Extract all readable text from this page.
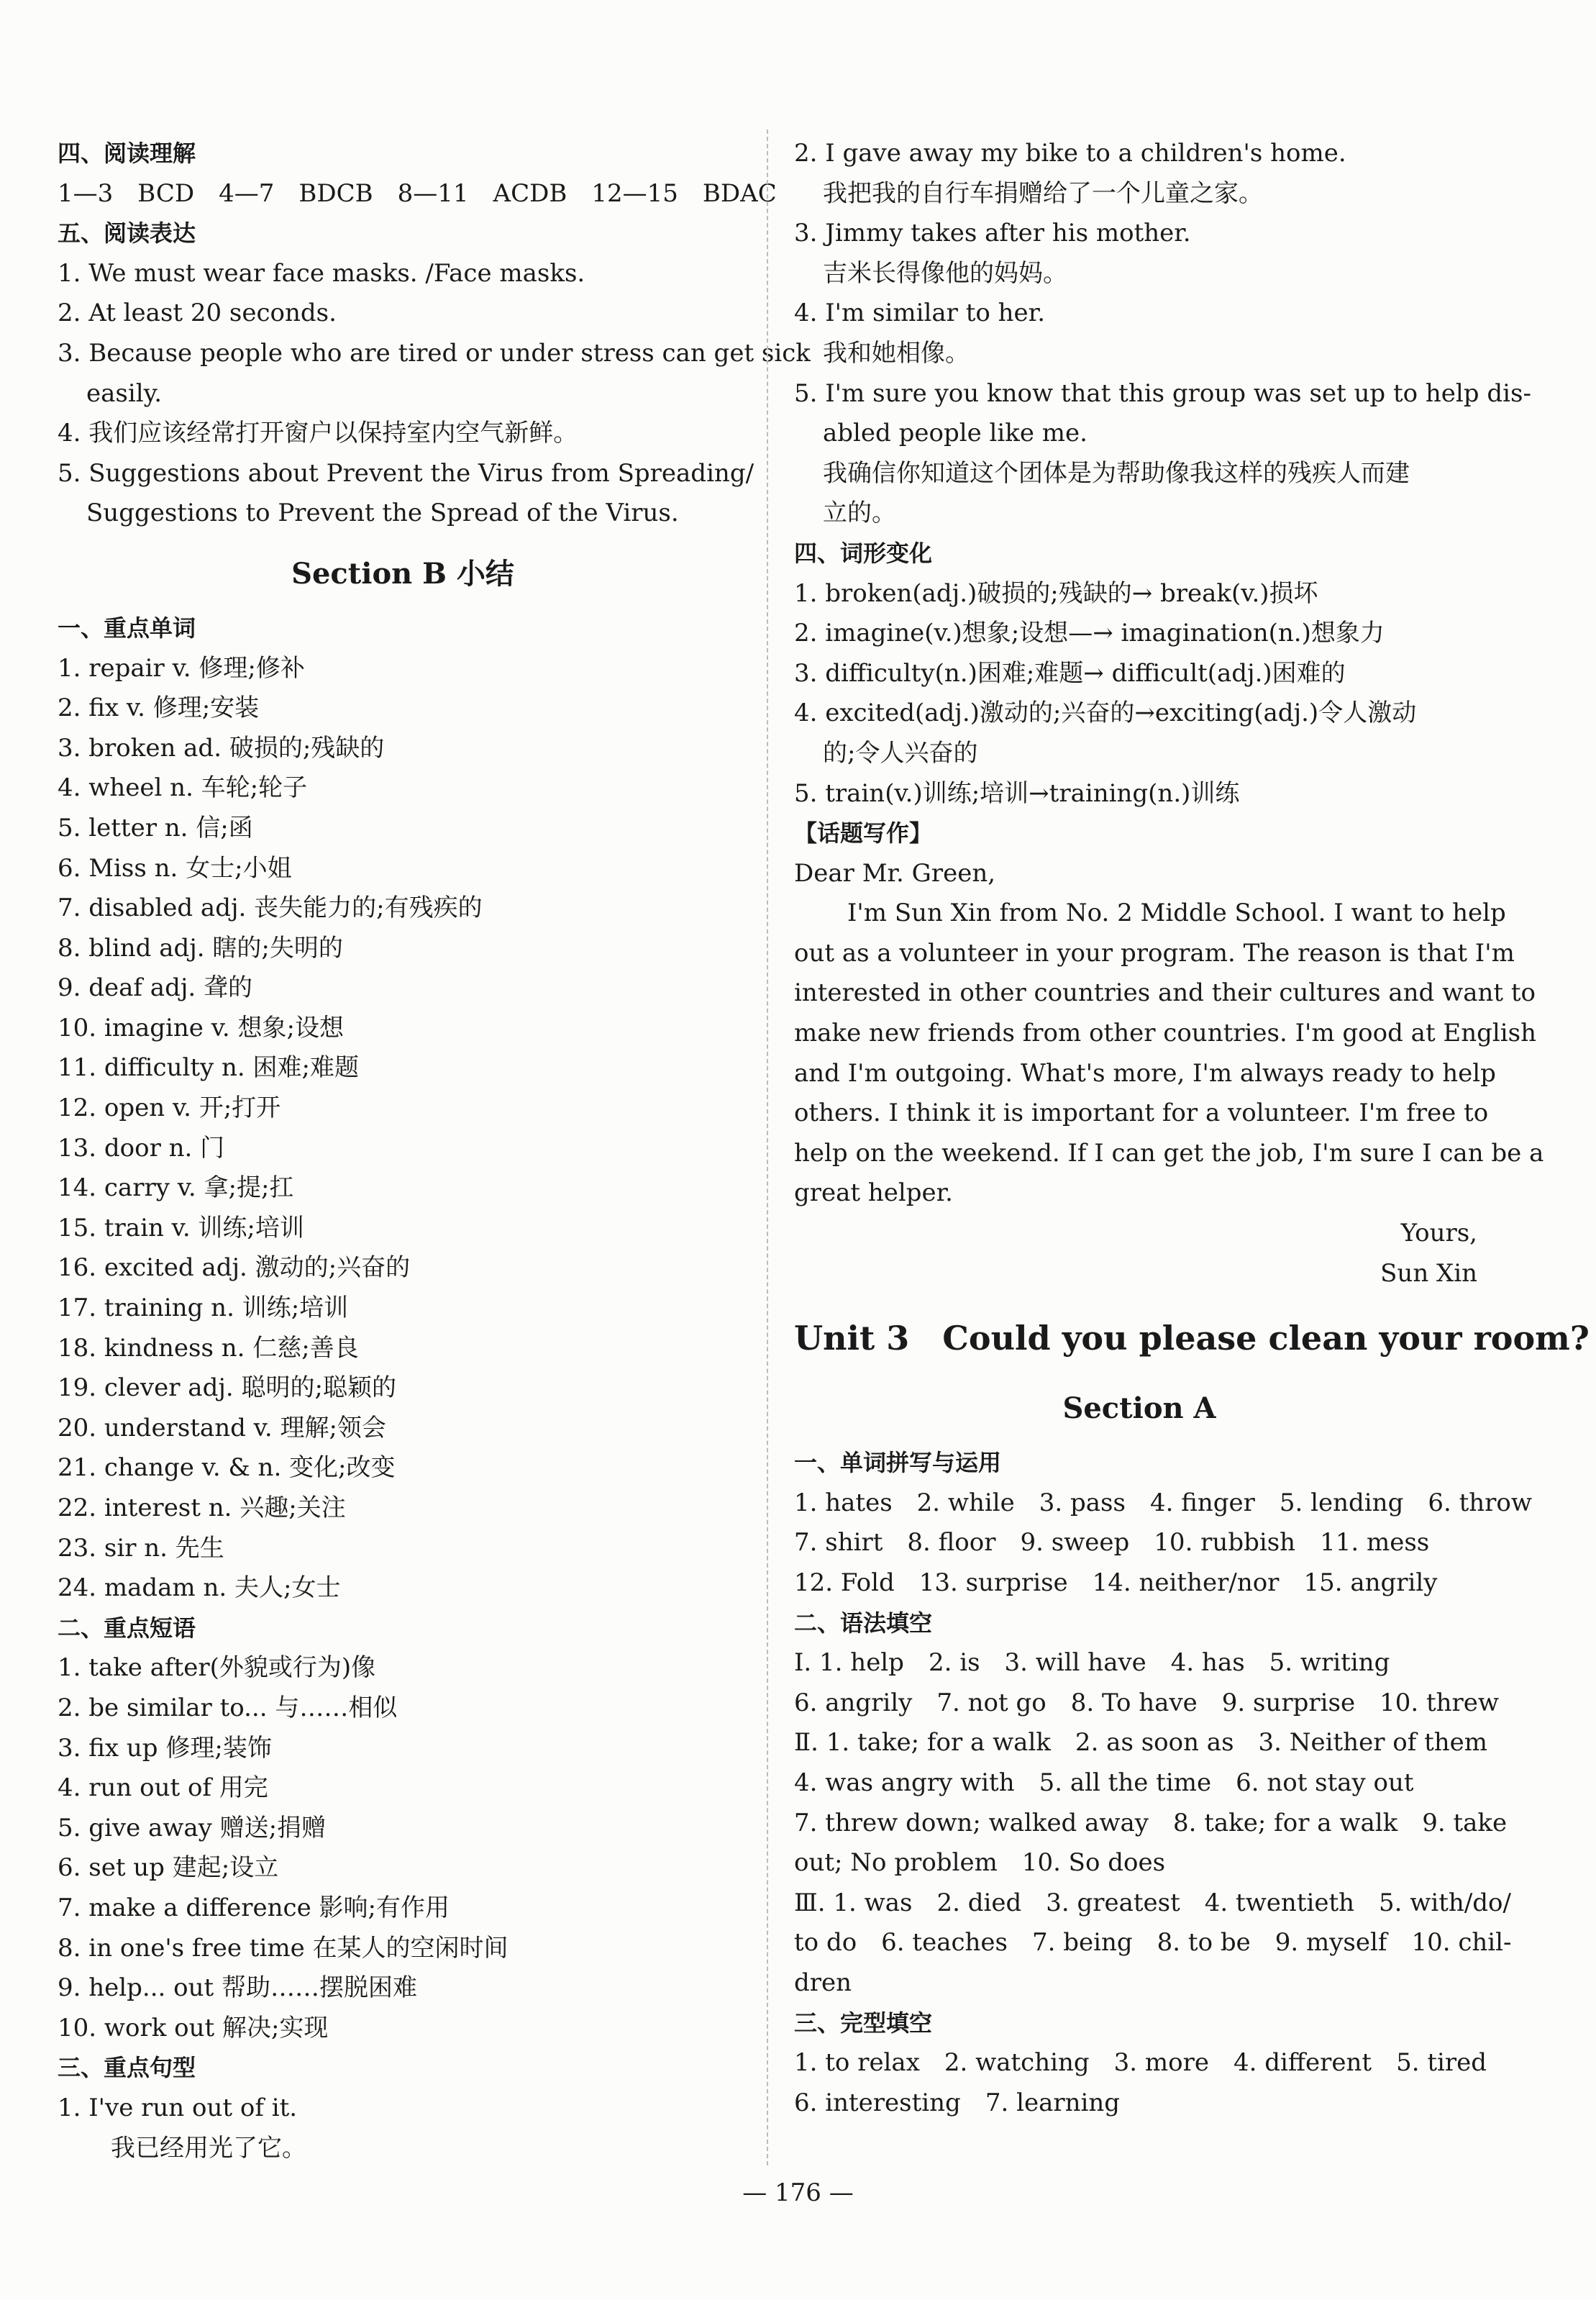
四、阅读理解
1—3　BCD　4—7　BDCB　8—11　ACDB　12—15　BDAC
五、阅读表达
1. We must wear face masks. /Face masks.
2. At least 20 seconds.
3. Because people who are tired or under stress can get sick
easily.
4. 我们应该经常打开窗户以保持室内空气新鲜。
5. Suggestions about Prevent the Virus from Spreading/
Suggestions to Prevent the Spread of the Virus.
Section B 小结
一、重点单词
1. repair v. 修理;修补
2. fix v. 修理;安装
3. broken ad. 破损的;残缺的
4. wheel n. 车轮;轮子
5. letter n. 信;函
6. Miss n. 女士;小姐
7. disabled adj. 丧失能力的;有残疾的
8. blind adj. 瞎的;失明的
9. deaf adj. 聋的
10. imagine v. 想象;设想
11. difficulty n. 困难;难题
12. open v. 开;打开
13. door n. 门
14. carry v. 拿;提;扛
15. train v. 训练;培训
16. excited adj. 激动的;兴奋的
17. training n. 训练;培训
18. kindness n. 仁慈;善良
19. clever adj. 聪明的;聪颖的
20. understand v. 理解;领会
21. change v. & n. 变化;改变
22. interest n. 兴趣;关注
23. sir n. 先生
24. madam n. 夫人;女士
二、重点短语
1. take after(外貌或行为)像
2. be similar to... 与……相似
3. fix up 修理;装饰
4. run out of 用完
5. give away 赠送;捐赠
6. set up 建起;设立
7. make a difference 影响;有作用
8. in one's free time 在某人的空闲时间
9. help... out 帮助……摆脱困难
10. work out 解决;实现
三、重点句型
1. I've run out of it.
我已经用光了它。
2. I gave away my bike to a children's home.
我把我的自行车捐赠给了一个儿童之家。
3. Jimmy takes after his mother.
吉米长得像他的妈妈。
4. I'm similar to her.
我和她相像。
5. I'm sure you know that this group was set up to help dis-
abled people like me.
我确信你知道这个团体是为帮助像我这样的残疾人而建
立的。
四、词形变化
1. broken(adj.)破损的;残缺的→ break(v.)损坏
2. imagine(v.)想象;设想—→ imagination(n.)想象力
3. difficulty(n.)困难;难题→ difficult(adj.)困难的
4. excited(adj.)激动的;兴奋的→exciting(adj.)令人激动
的;令人兴奋的
5. train(v.)训练;培训→training(n.)训练
【话题写作】
Dear Mr. Green,
I'm Sun Xin from No. 2 Middle School. I want to help
out as a volunteer in your program. The reason is that I'm
interested in other countries and their cultures and want to
make new friends from other countries. I'm good at English
and I'm outgoing. What's more, I'm always ready to help
others. I think it is important for a volunteer. I'm free to
help on the weekend. If I can get the job, I'm sure I can be a
great helper.
Yours,
Sun Xin
Unit 3　Could you please clean your room?
Section A
一、单词拼写与运用
1. hates　2. while　3. pass　4. finger　5. lending　6. throw
7. shirt　8. floor　9. sweep　10. rubbish　11. mess
12. Fold　13. surprise　14. neither/nor　15. angrily
二、语法填空
Ⅰ. 1. help　2. is　3. will have　4. has　5. writing
6. angrily　7. not go　8. To have　9. surprise　10. threw
Ⅱ. 1. take; for a walk　2. as soon as　3. Neither of them
4. was angry with　5. all the time　6. not stay out
7. threw down; walked away　8. take; for a walk　9. take
out; No problem　10. So does
Ⅲ. 1. was　2. died　3. greatest　4. twentieth　5. with/do/
to do　6. teaches　7. being　8. to be　9. myself　10. chil-
dren
三、完型填空
1. to relax　2. watching　3. more　4. different　5. tired
6. interesting　7. learning
— 176 —
